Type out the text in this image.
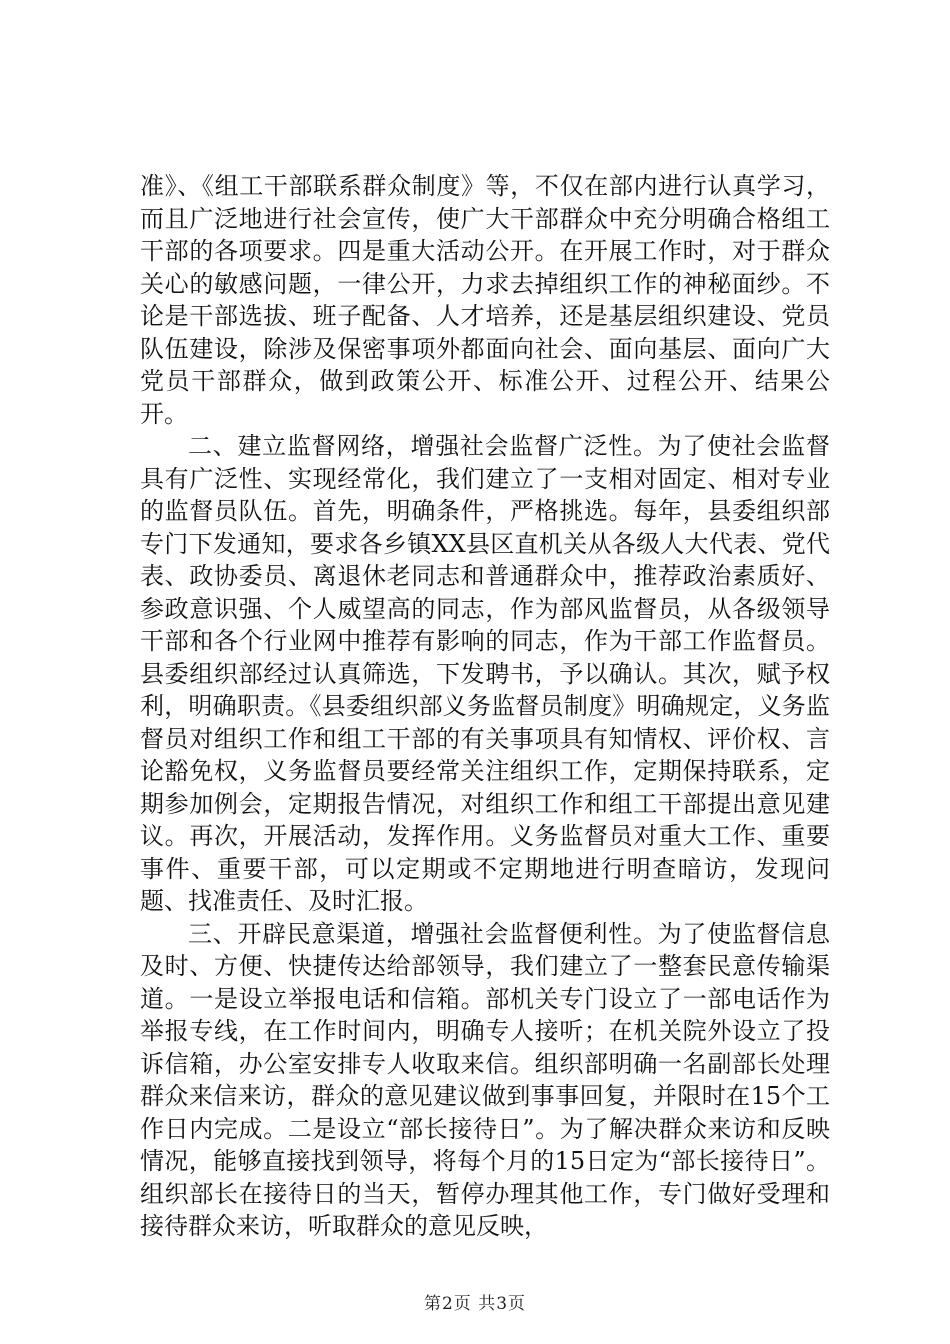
准》、《组工干部联系群众制度》等，不仅在部内进行认真学习，而且广泛地进行社会宣传，使广大干部群众中充分明确合格组工干部的各项要求。四是重大活动公开。在开展工作时，对于群众关心的敏感问题，一律公开，力求去掉组织工作的神秘面纱。不论是干部选拔、班子配备、人才培养，还是基层组织建设、党员队伍建设，除涉及保密事项外都面向社会、面向基层、面向广大党员干部群众，做到政策公开、标准公开、过程公开、结果公开。

二、建立监督网络，增强社会监督广泛性。为了使社会监督具有广泛性、实现经常化，我们建立了一支相对固定、相对专业的监督员队伍。首先，明确条件，严格挑选。每年，县委组织部专门下发通知，要求各乡镇XX县区直机关从各级人大代表、党代表、政协委员、离退休老同志和普通群众中，推荐政治素质好、参政意识强、个人威望高的同志，作为部风监督员，从各级领导干部和各个行业网中推荐有影响的同志，作为干部工作监督员。县委组织部经过认真筛选，下发聘书，予以确认。其次，赋予权利，明确职责。《县委组织部义务监督员制度》明确规定，义务监督员对组织工作和组工干部的有关事项具有知情权、评价权、言论豁免权，义务监督员要经常关注组织工作，定期保持联系，定期参加例会，定期报告情况，对组织工作和组工干部提出意见建议。再次，开展活动，发挥作用。义务监督员对重大工作、重要事件、重要干部，可以定期或不定期地进行明查暗访，发现问题、找准责任、及时汇报。

三、开辟民意渠道，增强社会监督便利性。为了使监督信息及时、方便、快捷传达给部领导，我们建立了一整套民意传输渠道。一是设立举报电话和信箱。部机关专门设立了一部电话作为举报专线，在工作时间内，明确专人接听；在机关院外设立了投诉信箱，办公室安排专人收取来信。组织部明确一名副部长处理群众来信来访，群众的意见建议做到事事回复，并限时在15个工作日内完成。二是设立“部长接待日”。为了解决群众来访和反映情况，能够直接找到领导，将每个月的15日定为“部长接待日”。组织部长在接待日的当天，暂停办理其他工作，专门做好受理和接待群众来访，听取群众的意见反映，

第2页 共3页
